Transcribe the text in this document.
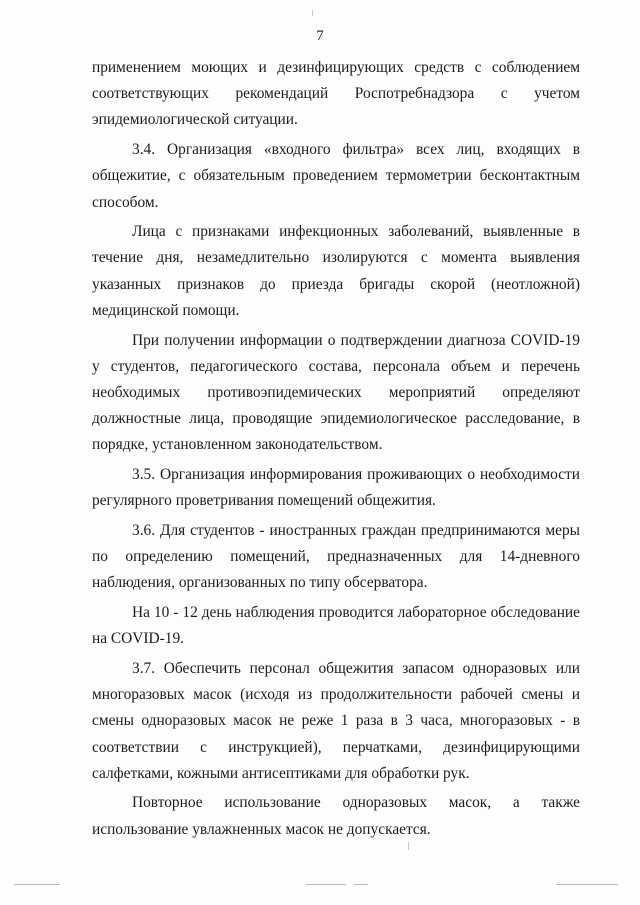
7

применением моющих и дезинфицирующих средств с соблюдением соответствующих рекомендаций Роспотребнадзора с учетом эпидемиологической ситуации.

3.4. Организация «входного фильтра» всех лиц, входящих в общежитие, с обязательным проведением термометрии бесконтактным способом.

Лица с признаками инфекционных заболеваний, выявленные в течение дня, незамедлительно изолируются с момента выявления указанных признаков до приезда бригады скорой (неотложной) медицинской помощи.

При получении информации о подтверждении диагноза COVID-19 у студентов, педагогического состава, персонала объем и перечень необходимых противоэпидемических мероприятий определяют должностные лица, проводящие эпидемиологическое расследование, в порядке, установленном законодательством.

3.5. Организация информирования проживающих о необходимости регулярного проветривания помещений общежития.

3.6. Для студентов - иностранных граждан предпринимаются меры по определению помещений, предназначенных для 14-дневного наблюдения, организованных по типу обсерватора.

На 10 - 12 день наблюдения проводится лабораторное обследование на COVID-19.

3.7. Обеспечить персонал общежития запасом одноразовых или многоразовых масок (исходя из продолжительности рабочей смены и смены одноразовых масок не реже 1 раза в 3 часа, многоразовых - в соответствии с инструкцией), перчатками, дезинфицирующими салфетками, кожными антисептиками для обработки рук.

Повторное использование одноразовых масок, а также использование увлажненных масок не допускается.
